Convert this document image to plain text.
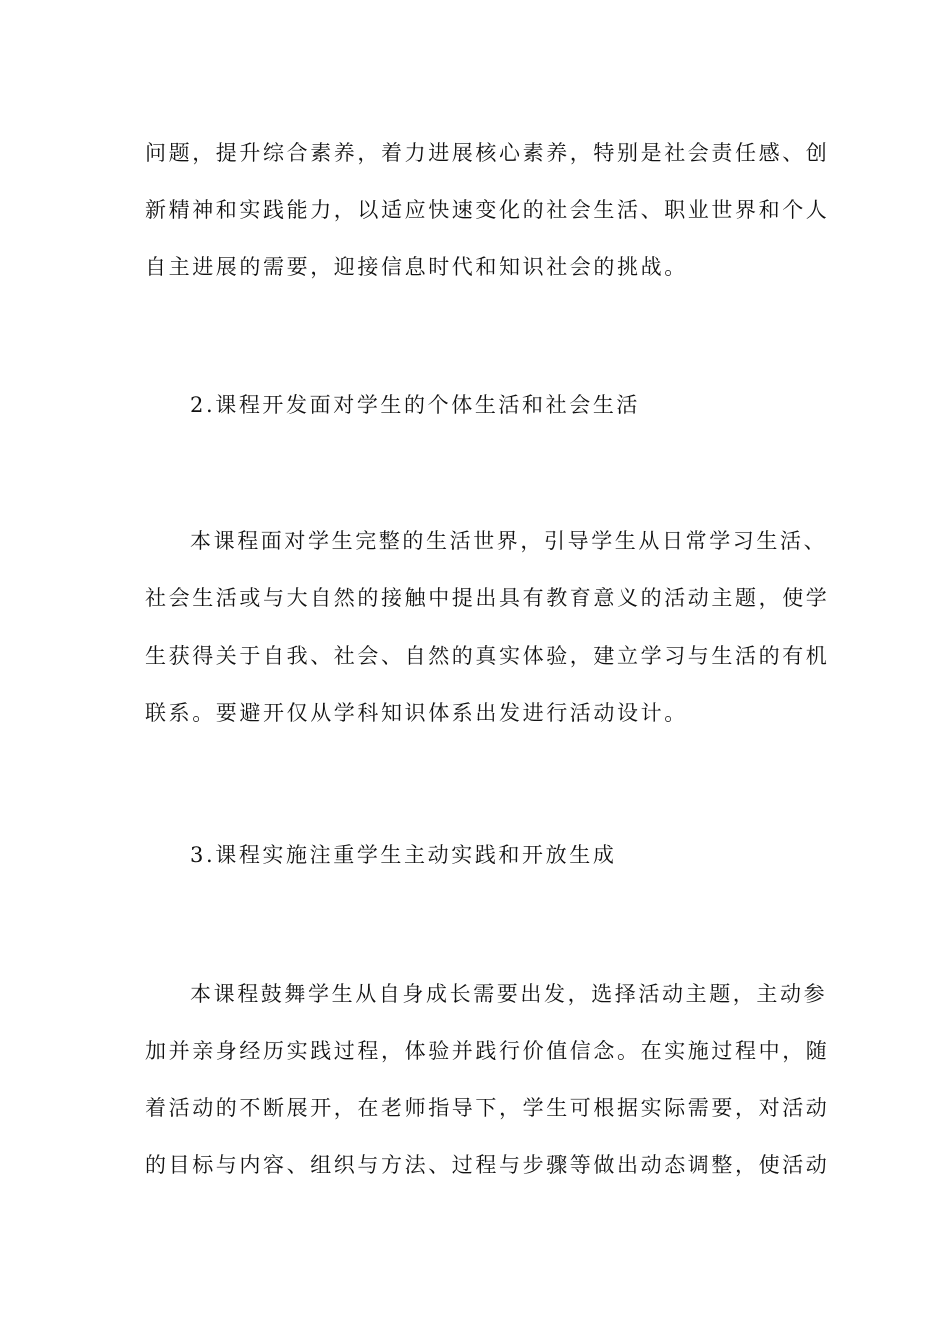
问题，提升综合素养，着力进展核心素养，特别是社会责任感、创

新精神和实践能力，以适应快速变化的社会生活、职业世界和个人

自主进展的需要，迎接信息时代和知识社会的挑战。

2.课程开发面对学生的个体生活和社会生活

本课程面对学生完整的生活世界，引导学生从日常学习生活、

社会生活或与大自然的接触中提出具有教育意义的活动主题，使学

生获得关于自我、社会、自然的真实体验，建立学习与生活的有机

联系。要避开仅从学科知识体系出发进行活动设计。

3.课程实施注重学生主动实践和开放生成

本课程鼓舞学生从自身成长需要出发，选择活动主题，主动参

加并亲身经历实践过程，体验并践行价值信念。在实施过程中，随

着活动的不断展开，在老师指导下，学生可根据实际需要，对活动

的目标与内容、组织与方法、过程与步骤等做出动态调整，使活动
